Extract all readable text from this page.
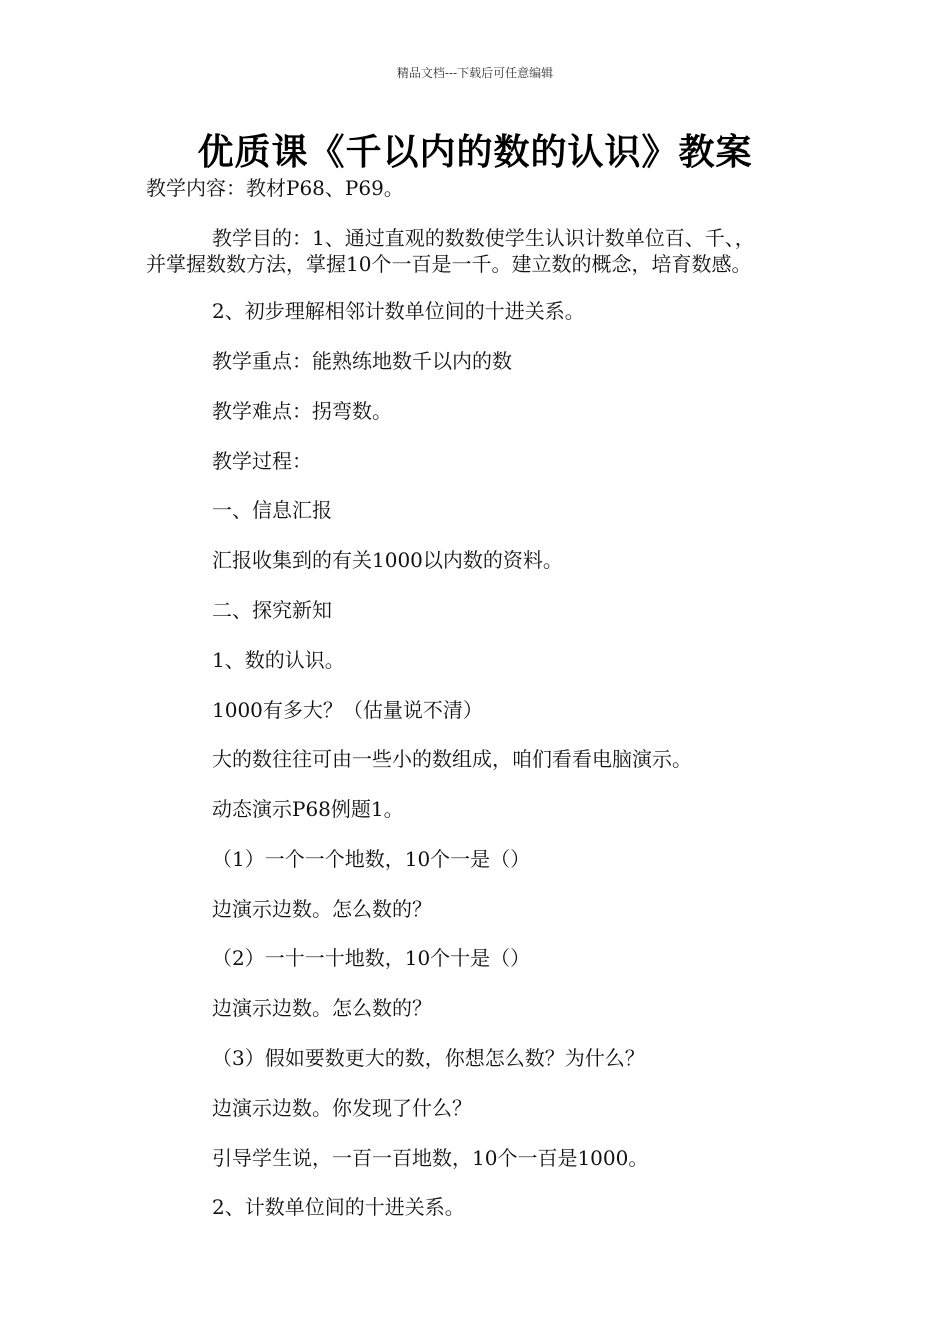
精品文档---下载后可任意编辑
优质课《千以内的数的认识》教案
教学内容：教材P68、P69。
教学目的：1、通过直观的数数使学生认识计数单位百、千、，
并掌握数数方法，掌握10个一百是一千。建立数的概念，培育数感。
2、初步理解相邻计数单位间的十进关系。
教学重点：能熟练地数千以内的数
教学难点：拐弯数。
教学过程：
一、信息汇报
汇报收集到的有关1000以内数的资料。
二、探究新知
1、数的认识。
1000有多大？（估量说不清）
大的数往往可由一些小的数组成，咱们看看电脑演示。
动态演示P68例题1。
（1）一个一个地数，10个一是（）
边演示边数。怎么数的？
（2）一十一十地数，10个十是（）
边演示边数。怎么数的？
（3）假如要数更大的数，你想怎么数？为什么？
边演示边数。你发现了什么？
引导学生说，一百一百地数，10个一百是1000。
2、计数单位间的十进关系。
